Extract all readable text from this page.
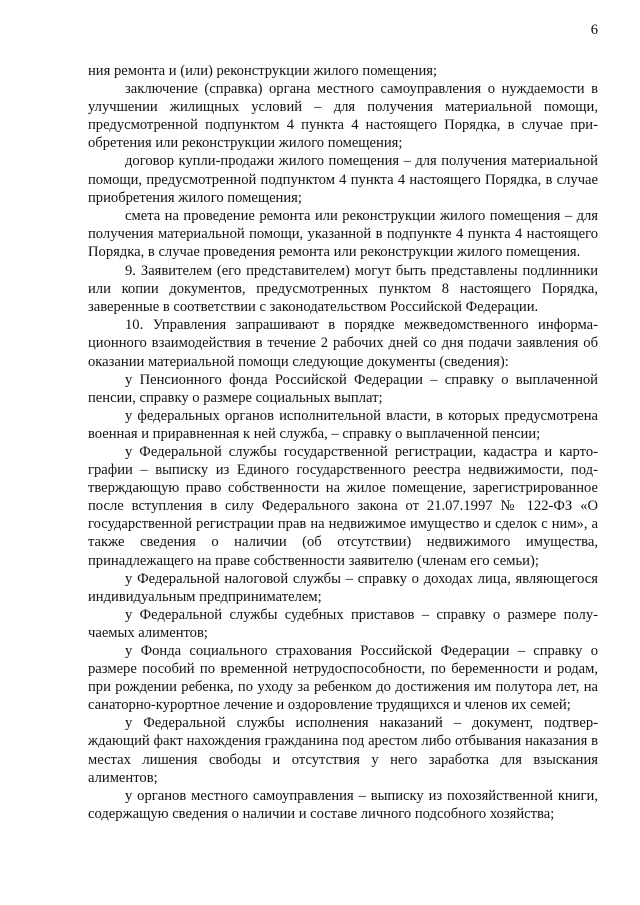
6

ния ремонта и (или) реконструкции жилого помещения;

заключение (справка) органа местного самоуправления о нуждаемости в улучшении жилищных условий – для получения материальной помощи, предусмотренной подпунктом 4 пункта 4 настоящего Порядка, в случае приобретения или реконструкции жилого помещения;

договор купли-продажи жилого помещения – для получения материальной помощи, предусмотренной подпунктом 4 пункта 4 настоящего Порядка, в случае приобретения жилого помещения;

смета на проведение ремонта или реконструкции жилого помещения – для получения материальной помощи, указанной в подпункте 4 пункта 4 настоящего Порядка, в случае проведения ремонта или реконструкции жилого помещения.

9. Заявителем (его представителем) могут быть представлены подлинники или копии документов, предусмотренных пунктом 8 настоящего Порядка, заверенные в соответствии с законодательством Российской Федерации.

10. Управления запрашивают в порядке межведомственного информационного взаимодействия в течение 2 рабочих дней со дня подачи заявления об оказании материальной помощи следующие документы (сведения):

у Пенсионного фонда Российской Федерации – справку о выплаченной пенсии, справку о размере социальных выплат;

у федеральных органов исполнительной власти, в которых предусмотрена военная и приравненная к ней служба, – справку о выплаченной пенсии;

у Федеральной службы государственной регистрации, кадастра и картографии – выписку из Единого государственного реестра недвижимости, подтверждающую право собственности на жилое помещение, зарегистрированное после вступления в силу Федерального закона от 21.07.1997 № 122-ФЗ «О государственной регистрации прав на недвижимое имущество и сделок с ним», а также сведения о наличии (об отсутствии) недвижимого имущества, принадлежащего на праве собственности заявителю (членам его семьи);

у Федеральной налоговой службы – справку о доходах лица, являющегося индивидуальным предпринимателем;

у Федеральной службы судебных приставов – справку о размере получаемых алиментов;

у Фонда социального страхования Российской Федерации – справку о размере пособий по временной нетрудоспособности, по беременности и родам, при рождении ребенка, по уходу за ребенком до достижения им полутора лет, на санаторно-курортное лечение и оздоровление трудящихся и членов их семей;

у Федеральной службы исполнения наказаний – документ, подтверждающий факт нахождения гражданина под арестом либо отбывания наказания в местах лишения свободы и отсутствия у него заработка для взыскания алиментов;

у органов местного самоуправления – выписку из похозяйственной книги, содержащую сведения о наличии и составе личного подсобного хозяйства;
